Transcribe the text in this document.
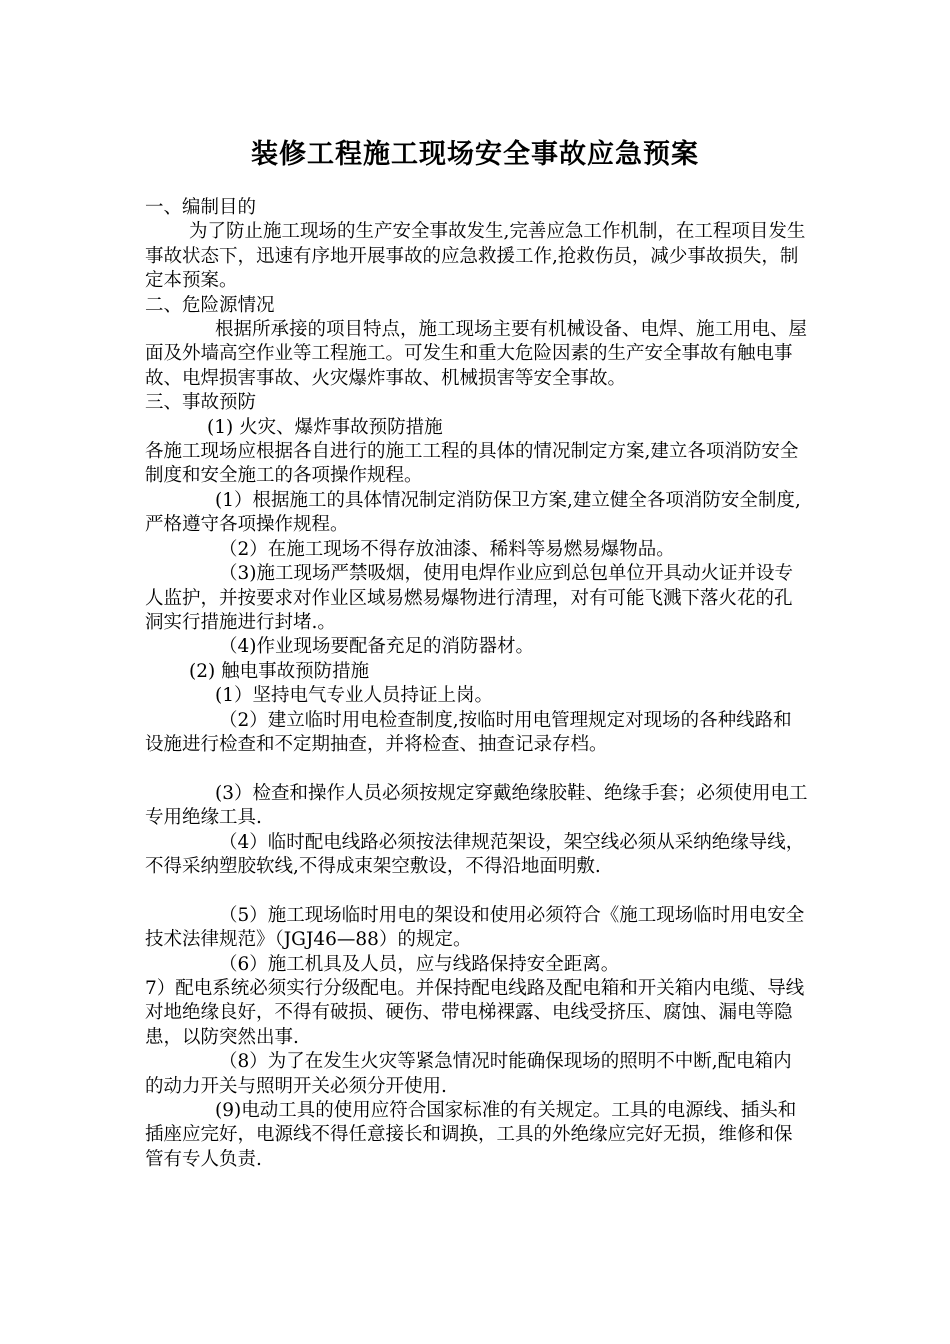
装修工程施工现场安全事故应急预案

一、编制目的

为了防止施工现场的生产安全事故发生,完善应急工作机制，在工程项目发生事故状态下，迅速有序地开展事故的应急救援工作,抢救伤员，减少事故损失，制定本预案。

二、危险源情况

根据所承接的项目特点，施工现场主要有机械设备、电焊、施工用电、屋面及外墙高空作业等工程施工。可发生和重大危险因素的生产安全事故有触电事故、电焊损害事故、火灾爆炸事故、机械损害等安全事故。

三、事故预防

(1) 火灾、爆炸事故预防措施

各施工现场应根据各自进行的施工工程的具体的情况制定方案,建立各项消防安全制度和安全施工的各项操作规程。

(1）根据施工的具体情况制定消防保卫方案,建立健全各项消防安全制度,严格遵守各项操作规程。

（2）在施工现场不得存放油漆、稀料等易燃易爆物品。

（3)施工现场严禁吸烟，使用电焊作业应到总包单位开具动火证并设专人监护，并按要求对作业区域易燃易爆物进行清理，对有可能飞溅下落火花的孔洞实行措施进行封堵.。

（4)作业现场要配备充足的消防器材。

(2) 触电事故预防措施

(1）坚持电气专业人员持证上岗。

（2）建立临时用电检查制度,按临时用电管理规定对现场的各种线路和设施进行检查和不定期抽查，并将检查、抽查记录存档。

(3）检查和操作人员必须按规定穿戴绝缘胶鞋、绝缘手套；必须使用电工专用绝缘工具.

（4）临时配电线路必须按法律规范架设，架空线必须从采纳绝缘导线，不得采纳塑胶软线,不得成束架空敷设，不得沿地面明敷.

（5）施工现场临时用电的架设和使用必须符合《施工现场临时用电安全技术法律规范》（JGJ46—88）的规定。

（6）施工机具及人员，应与线路保持安全距离。

7）配电系统必须实行分级配电。并保持配电线路及配电箱和开关箱内电缆、导线对地绝缘良好，不得有破损、硬伤、带电梯裸露、电线受挤压、腐蚀、漏电等隐患，以防突然出事.

（8）为了在发生火灾等紧急情况时能确保现场的照明不中断,配电箱内的动力开关与照明开关必须分开使用.

(9)电动工具的使用应符合国家标准的有关规定。工具的电源线、插头和插座应完好，电源线不得任意接长和调换，工具的外绝缘应完好无损，维修和保管有专人负责.
